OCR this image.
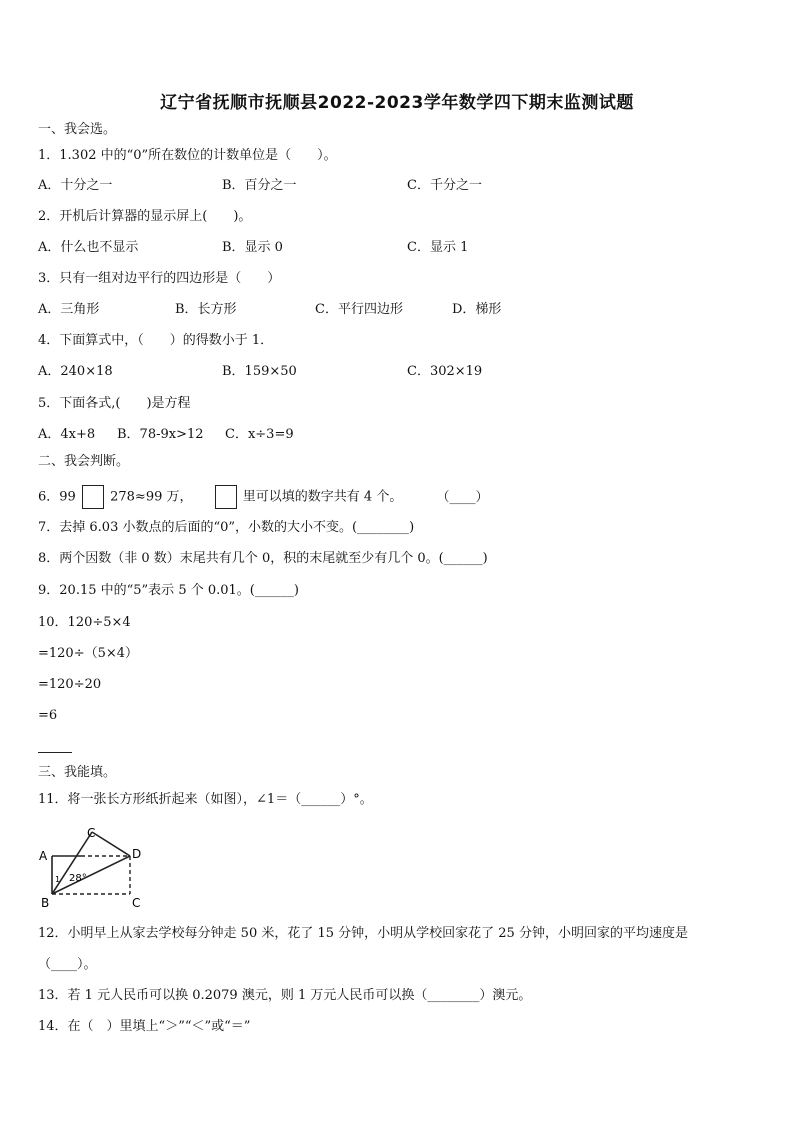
辽宁省抚顺市抚顺县2022-2023学年数学四下期末监测试题
一、我会选。
1．1.302 中的“0”所在数位的计数单位是（　　）。
A．十分之一	B．百分之一	C．千分之一
2．开机后计算器的显示屏上(　　)。
A．什么也不显示	B．显示 0	C．显示 1
3．只有一组对边平行的四边形是（　　）
A．三角形	B．长方形	C．平行四边形	D．梯形
4．下面算式中，（　　）的得数小于 1．
A．240×18	B．159×50	C．302×19
5．下面各式,(　　)是方程
A．4x+8 B．78-9x>12 C．x÷3=9
二、我会判断。
6．99	278≈99 万，	里可以填的数字共有 4 个。	（____）
7．去掉 6.03 小数点的后面的“0”，小数的大小不变。(________)
8．两个因数（非 0 数）末尾共有几个 0，积的末尾就至少有几个 0。(______)
9．20.15 中的“5”表示 5 个 0.01。(______)
10．120÷5×4
=120÷（5×4）
=120÷20
=6
三、我能填。
11．将一张长方形纸折起来（如图），∠1＝（______）°。
A
B
C
D
C
1 28°
12．小明早上从家去学校每分钟走 50 米，花了 15 分钟，小明从学校回家花了 25 分钟，小明回家的平均速度是
（____）。
13．若 1 元人民币可以换 0.2079 澳元，则 1 万元人民币可以换（________）澳元。
14．在（　）里填上“＞”“＜”或“＝”
